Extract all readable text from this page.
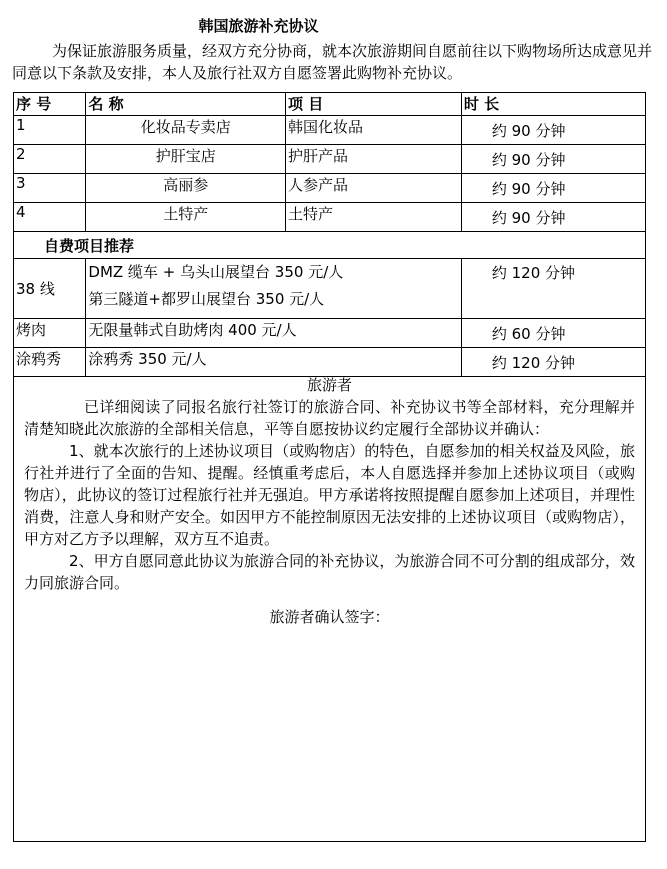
韩国旅游补充协议
为保证旅游服务质量，经双方充分协商，就本次旅游期间自愿前往以下购物场所达成意见并同意以下条款及安排，本人及旅行社双方自愿签署此购物补充协议。
序 号	名 称	项 目	时 长
1	化妆品专卖店	韩国化妆品	约 90 分钟
2	护肝宝店	护肝产品	约 90 分钟
3	高丽参	人参产品	约 90 分钟
4	土特产	土特产	约 90 分钟
自费项目推荐			
38 线	DMZ 缆车 + 乌头山展望台 350 元/人
第三隧道+都罗山展望台 350 元/人		约 120 分钟
烤肉	无限量韩式自助烤肉 400 元/人		约 60 分钟
涂鸦秀	涂鸦秀 350 元/人		约 120 分钟

旅游者
已详细阅读了同报名旅行社签订的旅游合同、补充协议书等全部材料，充分理解并清楚知晓此次旅游的全部相关信息，平等自愿按协议约定履行全部协议并确认：
1、就本次旅行的上述协议项目（或购物店）的特色，自愿参加的相关权益及风险，旅行社并进行了全面的告知、提醒。经慎重考虑后，本人自愿选择并参加上述协议项目（或购物店），此协议的签订过程旅行社并无强迫。甲方承诺将按照提醒自愿参加上述项目，并理性消费，注意人身和财产安全。如因甲方不能控制原因无法安排的上述协议项目（或购物店），甲方对乙方予以理解，双方互不追责。
2、甲方自愿同意此协议为旅游合同的补充协议，为旅游合同不可分割的组成部分，效力同旅游合同。
旅游者确认签字：			
